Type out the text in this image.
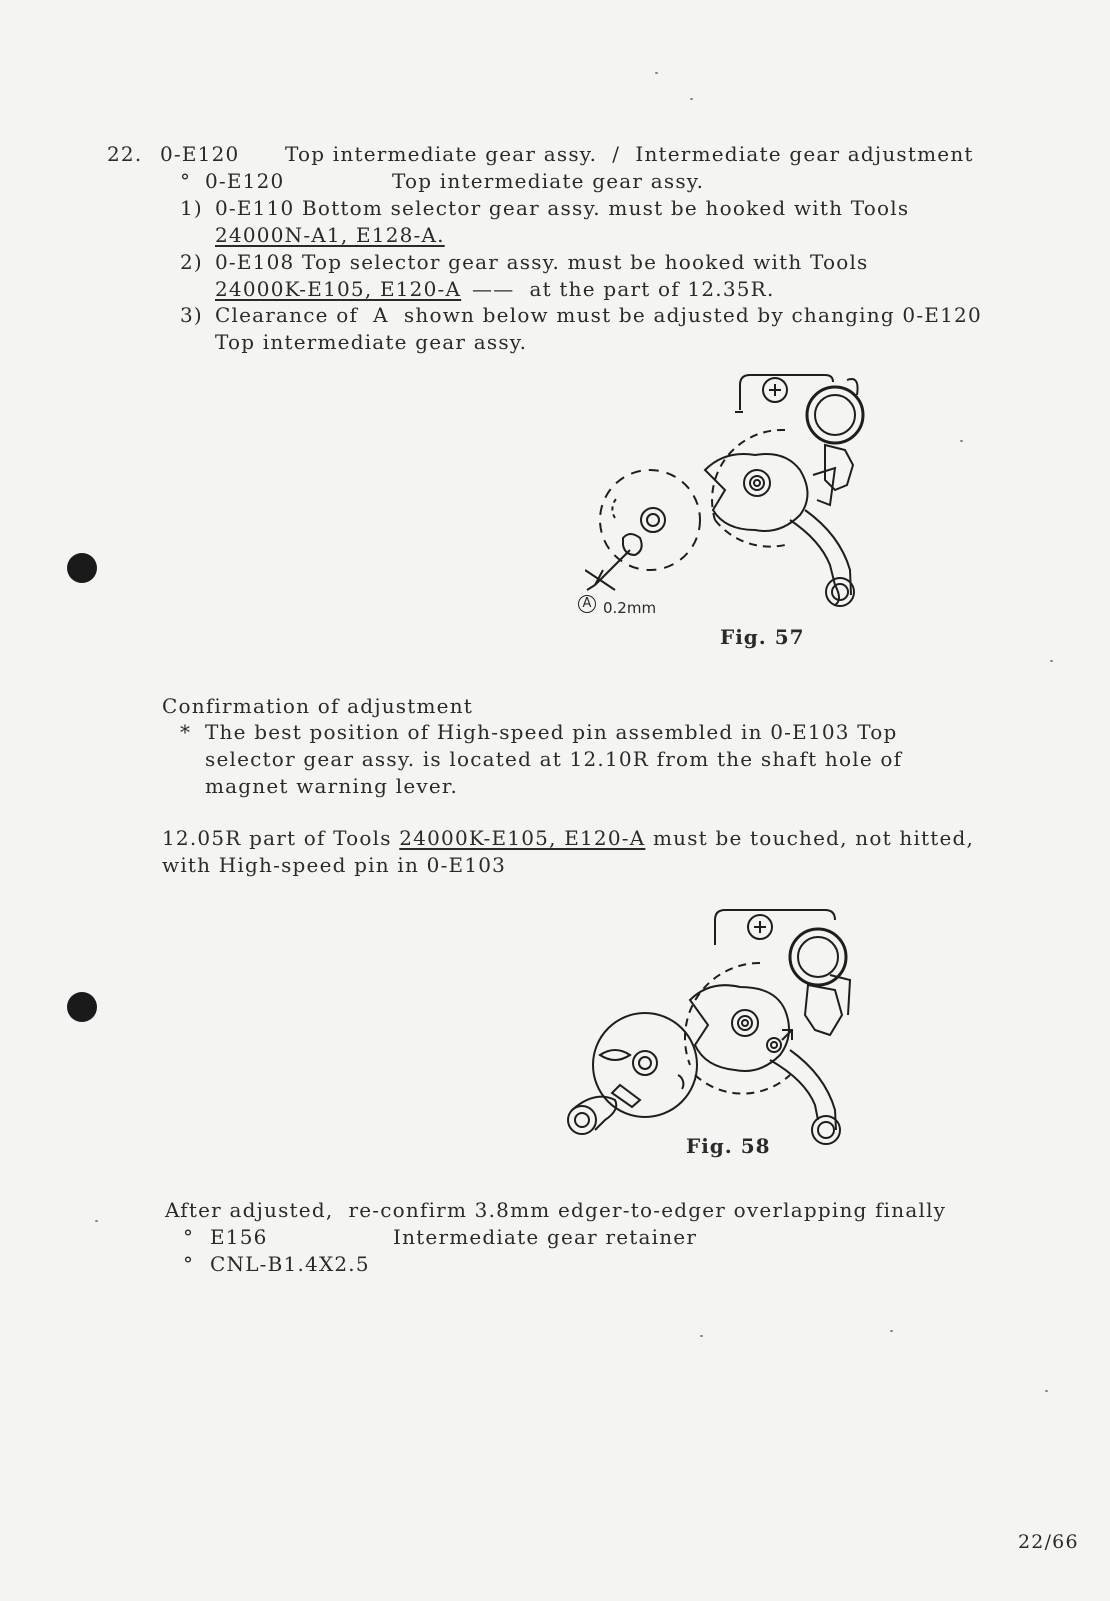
22. 0-E120 Top intermediate gear assy.  /  Intermediate gear adjustment
° 0-E120	Top intermediate gear assy.
1) 0-E110 Bottom selector gear assy. must be hooked with Tools
24000N-A1, E128-A.
2) 0-E108 Top selector gear assy. must be hooked with Tools
24000K-E105, E120-A ——  at the part of 12.35R.
3) Clearance of  A  shown below must be adjusted by changing 0-E120
Top intermediate gear assy.
A 0.2mm
Fig. 57
Confirmation of adjustment
* The best position of High-speed pin assembled in 0-E103 Top
selector gear assy. is located at 12.10R from the shaft hole of
magnet warning lever.
12.05R part of Tools 24000K-E105, E120-A must be touched, not hitted,
with High-speed pin in 0-E103
Fig. 58
After adjusted,  re-confirm 3.8mm edger-to-edger overlapping finally
° E156	Intermediate gear retainer
° CNL-B1.4X2.5
22/66
